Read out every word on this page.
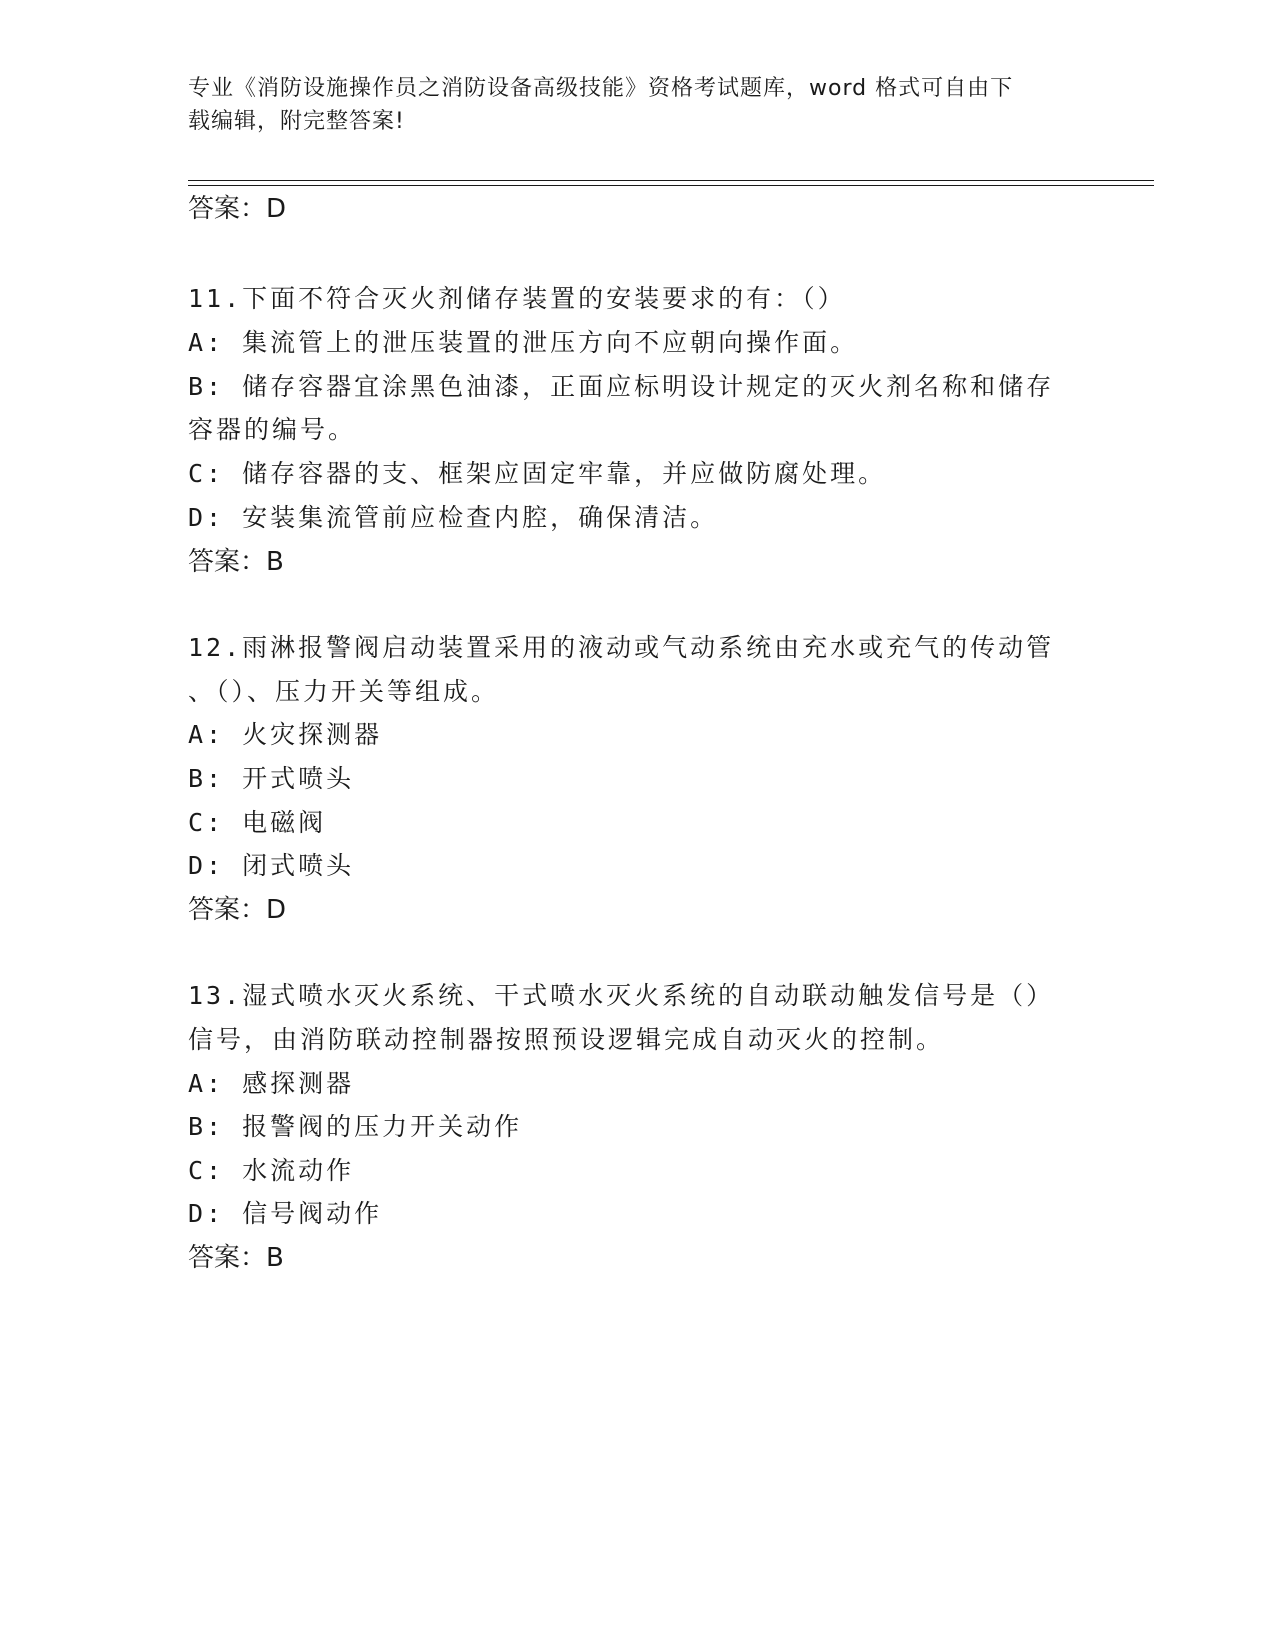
专业《消防设施操作员之消防设备高级技能》资格考试题库，word 格式可自由下
载编辑，附完整答案!
答案：D
11.下面不符合灭火剂储存装置的安装要求的有：（）
A: 集流管上的泄压装置的泄压方向不应朝向操作面。
B: 储存容器宜涂黑色油漆，正面应标明设计规定的灭火剂名称和储存
容器的编号。
C: 储存容器的支、框架应固定牢靠，并应做防腐处理。
D: 安装集流管前应检查内腔，确保清洁。
答案：B
12.雨淋报警阀启动装置采用的液动或气动系统由充水或充气的传动管
、（）、压力开关等组成。
A: 火灾探测器
B: 开式喷头
C: 电磁阀
D: 闭式喷头
答案：D
13.湿式喷水灭火系统、干式喷水灭火系统的自动联动触发信号是（）
信号，由消防联动控制器按照预设逻辑完成自动灭火的控制。
A: 感探测器
B: 报警阀的压力开关动作
C: 水流动作
D: 信号阀动作
答案：B
